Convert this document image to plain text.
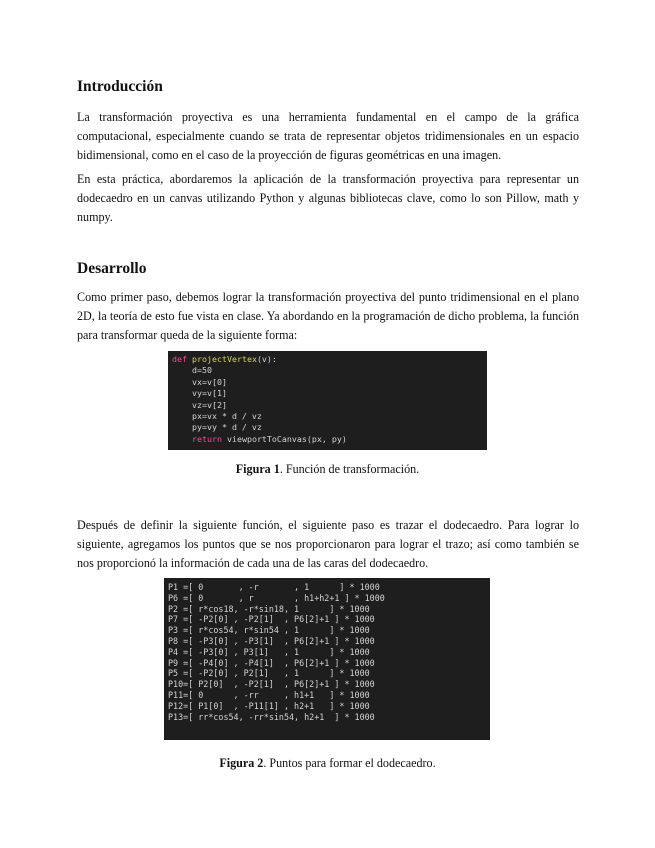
Introducción

La transformación proyectiva es una herramienta fundamental en el campo de la gráfica computacional, especialmente cuando se trata de representar objetos tridimensionales en un espacio bidimensional, como en el caso de la proyección de figuras geométricas en una imagen.

En esta práctica, abordaremos la aplicación de la transformación proyectiva para representar un dodecaedro en un canvas utilizando Python y algunas bibliotecas clave, como lo son Pillow, math y numpy.

Desarrollo

Como primer paso, debemos lograr la transformación proyectiva del punto tridimensional en el plano 2D, la teoría de esto fue vista en clase. Ya abordando en la programación de dicho problema, la función para transformar queda de la siguiente forma:

def projectVertex(v):
d=50
vx=v[0]
vy=v[1]
vz=v[2]
px=vx * d / vz
py=vy * d / vz
return viewportToCanvas(px, py)
Figura 1. Función de transformación.

Después de definir la siguiente función, el siguiente paso es trazar el dodecaedro. Para lograr lo siguiente, agregamos los puntos que se nos proporcionaron para lograr el trazo; así como también se nos proporcionó la información de cada una de las caras del dodecaedro.

P1 =[ 0       , -r       , 1      ] * 1000
P6 =[ 0       , r        , h1+h2+1 ] * 1000
P2 =[ r*cos18, -r*sin18, 1      ] * 1000
P7 =[ -P2[0] , -P2[1]  , P6[2]+1 ] * 1000
P3 =[ r*cos54, r*sin54 , 1      ] * 1000
P8 =[ -P3[0] , -P3[1]  , P6[2]+1 ] * 1000
P4 =[ -P3[0] , P3[1]   , 1      ] * 1000
P9 =[ -P4[0] , -P4[1]  , P6[2]+1 ] * 1000
P5 =[ -P2[0] , P2[1]   , 1      ] * 1000
P10=[ P2[0]  , -P2[1]  , P6[2]+1 ] * 1000
P11=[ 0      , -rr     , h1+1   ] * 1000
P12=[ P1[0]  , -P11[1] , h2+1   ] * 1000
P13=[ rr*cos54, -rr*sin54, h2+1  ] * 1000
Figura 2. Puntos para formar el dodecaedro.
